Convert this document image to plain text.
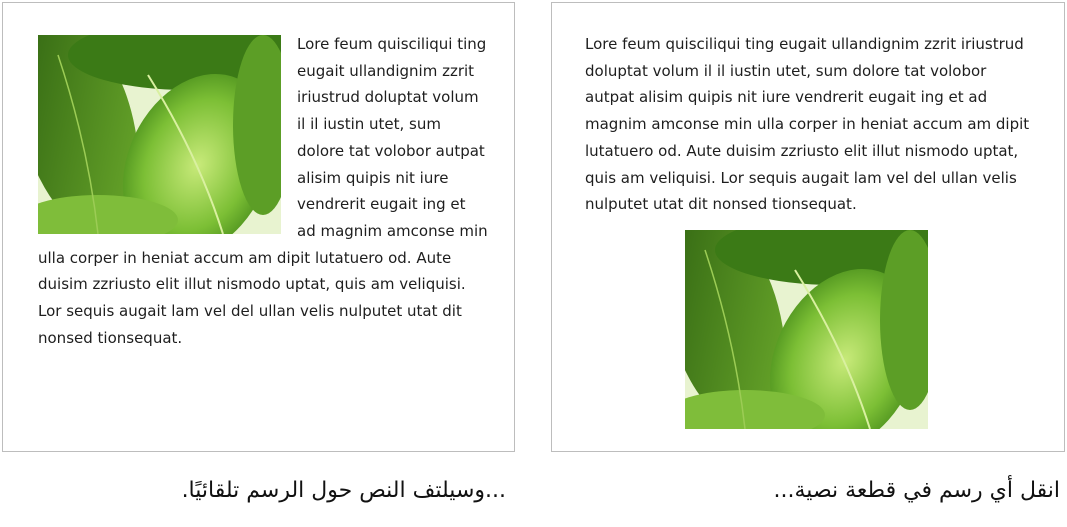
Lore feum quisciliqui ting eugait ullandignim zzrit iriustrud doluptat volum il il iustin utet, sum dolore tat volobor autpat alisim quipis nit iure vendrerit eugait ing et ad magnim amconse min ulla corper in heniat accum am dipit lutatuero od. Aute duisim zzriusto elit illut nismodo uptat, quis am veliquisi. Lor sequis augait lam vel del ullan velis nulputet utat dit nonsed tionsequat.

Lore feum quisciliqui ting eugait ullandignim zzrit iriustrud doluptat volum il il iustin utet, sum dolore tat volobor autpat alisim quipis nit iure vendrerit eugait ing et ad magnim amconse min ulla corper in heniat accum am dipit lutatuero od. Aute duisim zzriusto elit illut nismodo uptat, quis am veliquisi. Lor sequis augait lam vel del ullan velis nulputet utat dit nonsed tionsequat.

...وسيلتف النص حول الرسم تلقائيًا.	انقل أي رسم في قطعة نصية...
